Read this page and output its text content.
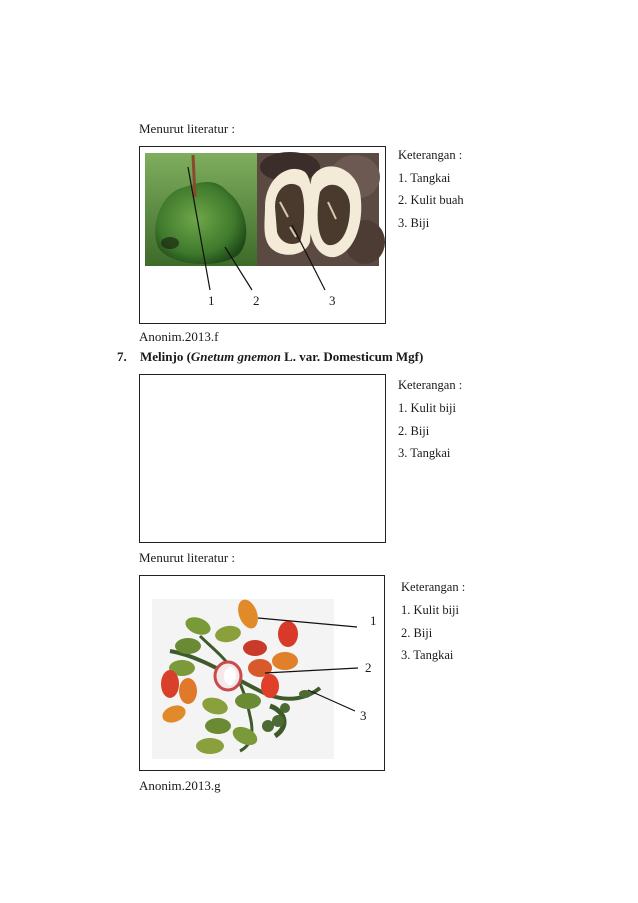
Menurut literatur :
1	2	3
Keterangan :
1. Tangkai
2. Kulit buah
3. Biji
Anonim.2013.f
7. Melinjo (Gnetum gnemon L. var. Domesticum Mgf)
Keterangan :
1. Kulit biji
2. Biji
3. Tangkai
Menurut literatur :
1
2
3
Keterangan :
1. Kulit biji
2. Biji
3. Tangkai
Anonim.2013.g
